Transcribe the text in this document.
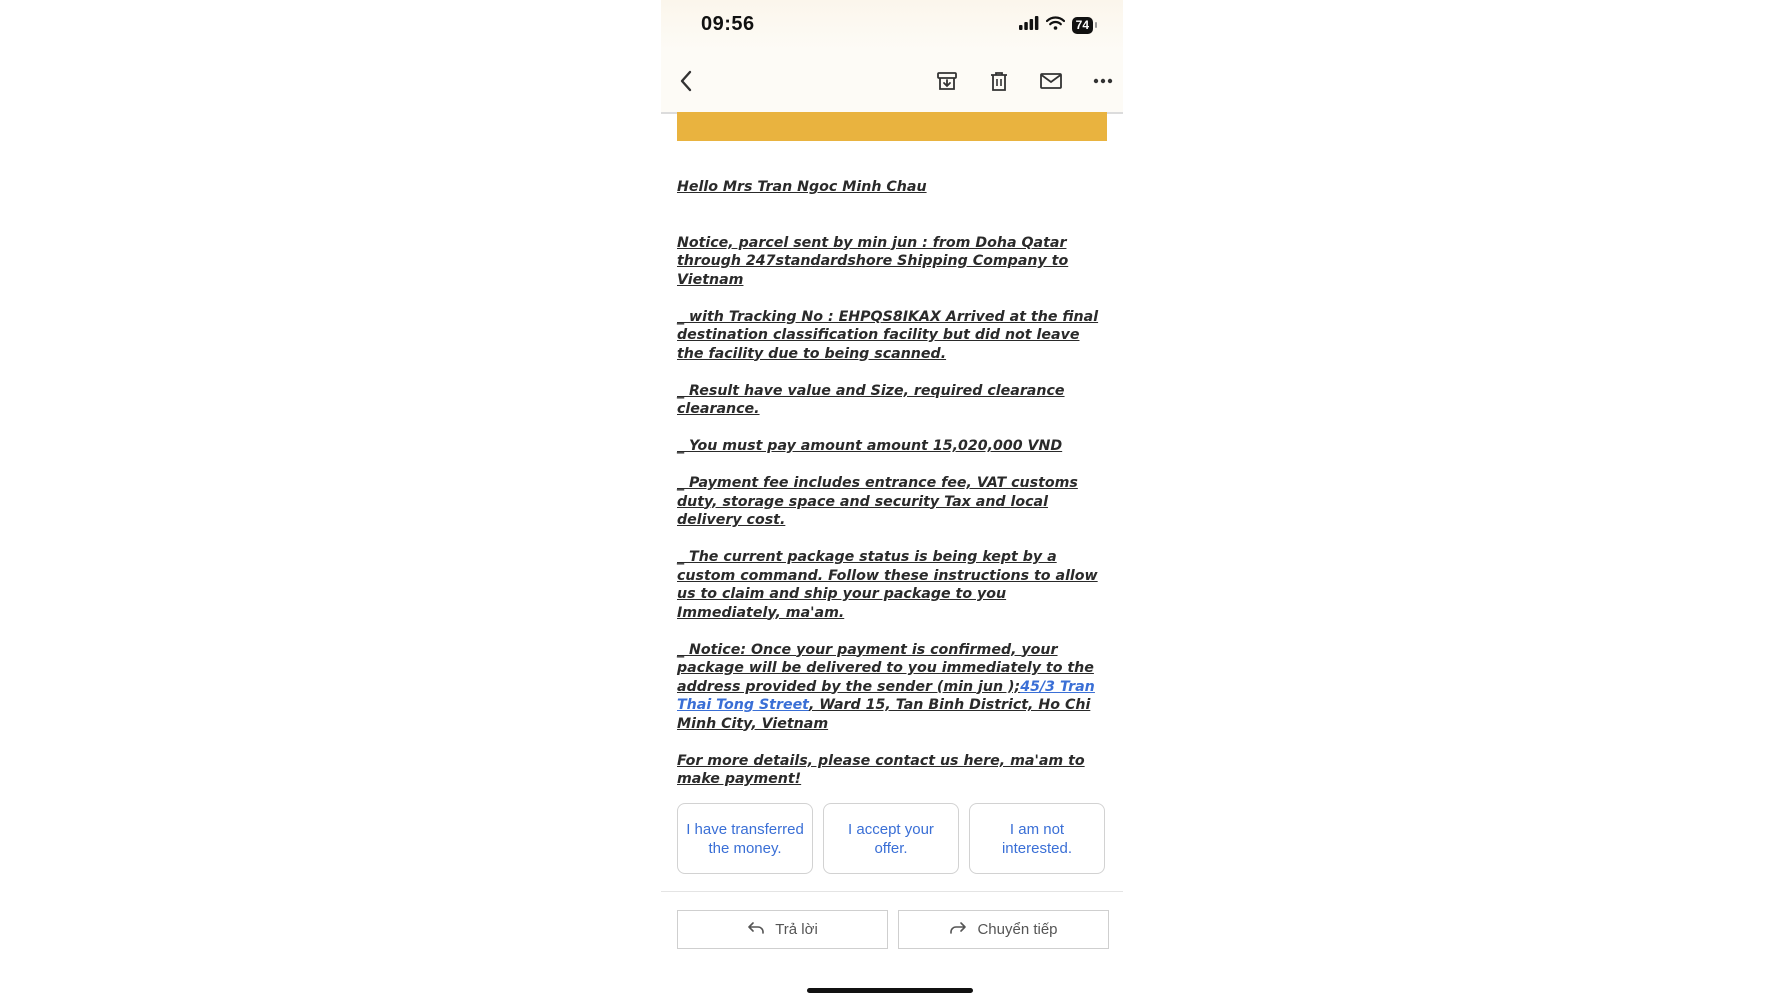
09:56	74

Hello Mrs Tran Ngoc Minh Chau

Notice, parcel sent by min jun : from Doha Qatar through 247standardshore Shipping Company to Vietnam

_ with Tracking No : EHPQS8IKAX Arrived at the final destination classification facility but did not leave the facility due to being scanned.

_ Result have value and Size, required clearance clearance.

_ You must pay amount amount 15,020,000 VND

_ Payment fee includes entrance fee, VAT customs duty, storage space and security Tax and local delivery cost.

_ The current package status is being kept by a custom command. Follow these instructions to allow us to claim and ship your package to you Immediately, ma'am.

_ Notice: Once your payment is confirmed, your package will be delivered to you immediately to the address provided by the sender (min jun );45/3 Tran Thai Tong Street, Ward 15, Tan Binh District, Ho Chi Minh City, Vietnam

For more details, please contact us here, ma'am to make payment!

I have transferred the money.
I accept your offer.
I am not interested.
Trả lời	Chuyển tiếp
